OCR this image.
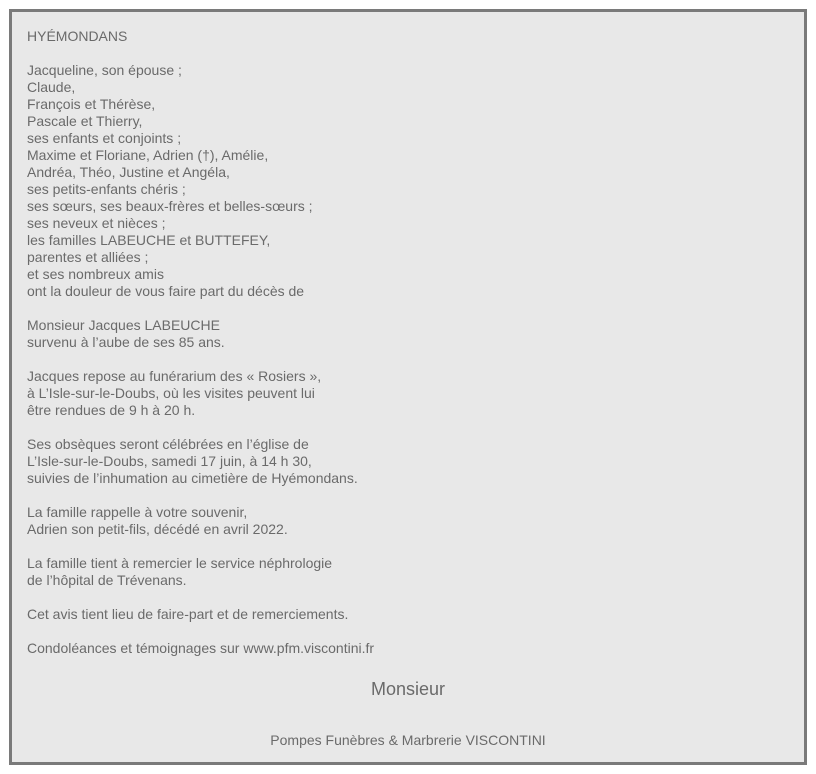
HYÉMONDANS
Jacqueline, son épouse ;
Claude,
François et Thérèse,
Pascale et Thierry,
ses enfants et conjoints ;
Maxime et Floriane, Adrien (†), Amélie,
Andréa, Théo, Justine et Angéla,
ses petits-enfants chéris ;
ses sœurs, ses beaux-frères et belles-sœurs ;
ses neveux et nièces ;
les familles LABEUCHE et BUTTEFEY,
parentes et alliées ;
et ses nombreux amis
ont la douleur de vous faire part du décès de
Monsieur Jacques LABEUCHE
survenu à l’aube de ses 85 ans.
Jacques repose au funérarium des « Rosiers »,
à L’Isle-sur-le-Doubs, où les visites peuvent lui
être rendues de 9 h à 20 h.
Ses obsèques seront célébrées en l’église de
L’Isle-sur-le-Doubs, samedi 17 juin, à 14 h 30,
suivies de l’inhumation au cimetière de Hyémondans.
La famille rappelle à votre souvenir,
Adrien son petit-fils, décédé en avril 2022.
La famille tient à remercier le service néphrologie
de l’hôpital de Trévenans.
Cet avis tient lieu de faire-part et de remerciements.
Condoléances et témoignages sur www.pfm.viscontini.fr
Monsieur
Pompes Funèbres & Marbrerie VISCONTINI
